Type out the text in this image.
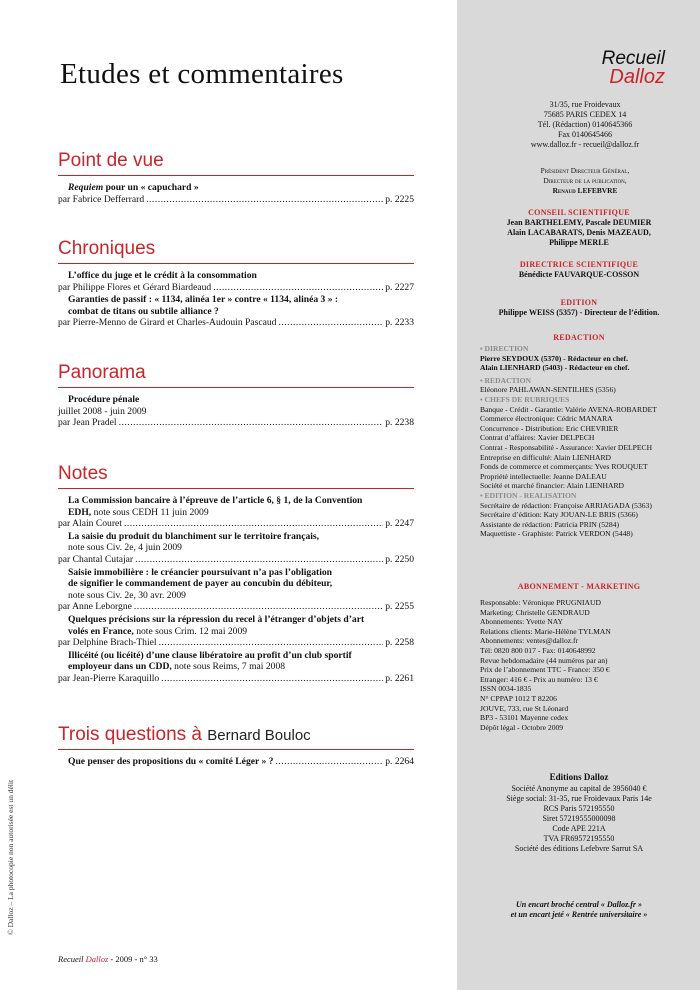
Etudes et commentaires
Point de vue
Requiem pour un « capuchard »
par Fabrice Defferrard .....	p. 2225
Chroniques
L’office du juge et le crédit à la consommation
par Philippe Flores et Gérard Biardeaud .....	p. 2227
Garanties de passif : « 1134, alinéa 1er » contre « 1134, alinéa 3 » :
combat de titans ou subtile alliance ?
par Pierre-Menno de Girard et Charles-Audouin Pascaud .....	p. 2233
Panorama
Procédure pénale
juillet 2008 - juin 2009
par Jean Pradel .....	p. 2238
Notes
La Commission bancaire à l’épreuve de l’article 6, § 1, de la Convention
EDH, note sous CEDH 11 juin 2009
par Alain Couret .....	p. 2247
La saisie du produit du blanchiment sur le territoire français,
note sous Civ. 2e, 4 juin 2009
par Chantal Cutajar .....	p. 2250
Saisie immobilière : le créancier poursuivant n’a pas l’obligation
de signifier le commandement de payer au concubin du débiteur,
note sous Civ. 2e, 30 avr. 2009
par Anne Leborgne .....	p. 2255
Quelques précisions sur la répression du recel à l’étranger d’objets d’art
volés en France, note sous Crim. 12 mai 2009
par Delphine Brach-Thiel .....	p. 2258
Illicéité (ou licéité) d’une clause libératoire au profit d’un club sportif
employeur dans un CDD, note sous Reims, 7 mai 2008
par Jean-Pierre Karaquillo .....	p. 2261
Trois questions à Bernard Bouloc
Que penser des propositions du « comité Léger » ? .....	p. 2264
Recueil Dalloz - 2009 - n° 33
© Dalloz – La photocopie non autorisée est un délit
Recueil
Dalloz
31/35, rue Froidevaux
75685 PARIS CEDEX 14
Tél. (Rédaction) 0140645366
Fax 0140645466
www.dalloz.fr - recueil@dalloz.fr
Président Directeur Général,
Directeur de la publication,
Renaud LEFEBVRE
CONSEIL SCIENTIFIQUE
Jean BARTHELEMY, Pascale DEUMIER
Alain LACABARATS, Denis MAZEAUD,
Philippe MERLE
DIRECTRICE SCIENTIFIQUE
Bénédicte FAUVARQUE-COSSON
EDITION
Philippe WEISS (5357) - Directeur de l’édition.
REDACTION
• DIRECTION
Pierre SEYDOUX (5370) - Rédacteur en chef.
Alain LIENHARD (5403) - Rédacteur en chef.
• REDACTION
Eléonore PAHLAWAN-SENTILHES (5356)
• CHEFS DE RUBRIQUES
Banque - Crédit - Garantie: Valérie AVENA-ROBARDET
Commerce électronique: Cédric MANARA
Concurrence - Distribution: Eric CHEVRIER
Contrat d’affaires: Xavier DELPECH
Contrat - Responsabilité - Assurance: Xavier DELPECH
Entreprise en difficulté: Alain LIENHARD
Fonds de commerce et commerçants: Yves ROUQUET
Propriété intellectuelle: Jeanne DALEAU
Société et marché financier: Alain LIENHARD
• EDITION - REALISATION
Secrétaire de rédaction: Françoise ARRIAGADA (5363)
Secrétaire d’édition: Katy JOUAN-LE BRIS (5366)
Assistante de rédaction: Patricia PRIN (5284)
Maquettiste - Graphiste: Patrick VERDON (5448)
ABONNEMENT - MARKETING
Responsable: Véronique PRUGNIAUD
Marketing: Christelle GENDRAUD
Abonnements: Yvette NAY
Relations clients: Marie-Hélène TYLMAN
Abonnements: ventes@dalloz.fr
Tél: 0820 800 017 - Fax: 0140648992
Revue hebdomadaire (44 numéros par an)
Prix de l’abonnement TTC - France: 350 €
Etranger: 416 € - Prix au numéro: 13 €
ISSN 0034-1835
N° CPPAP 1012 T 82206
JOUVE, 733, rue St Léonard
BP3 - 53101 Mayenne cedex
Dépôt légal - Octobre 2009
Editions Dalloz
Société Anonyme au capital de 3956040 €
Siège social: 31-35, rue Froidevaux Paris 14e
RCS Paris 572195550
Siret 57219555000098
Code APE 221A
TVA FR69572195550
Société des éditions Lefebvre Sarrut SA
Un encart broché central « Dalloz.fr »
et un encart jeté « Rentrée universitaire »
